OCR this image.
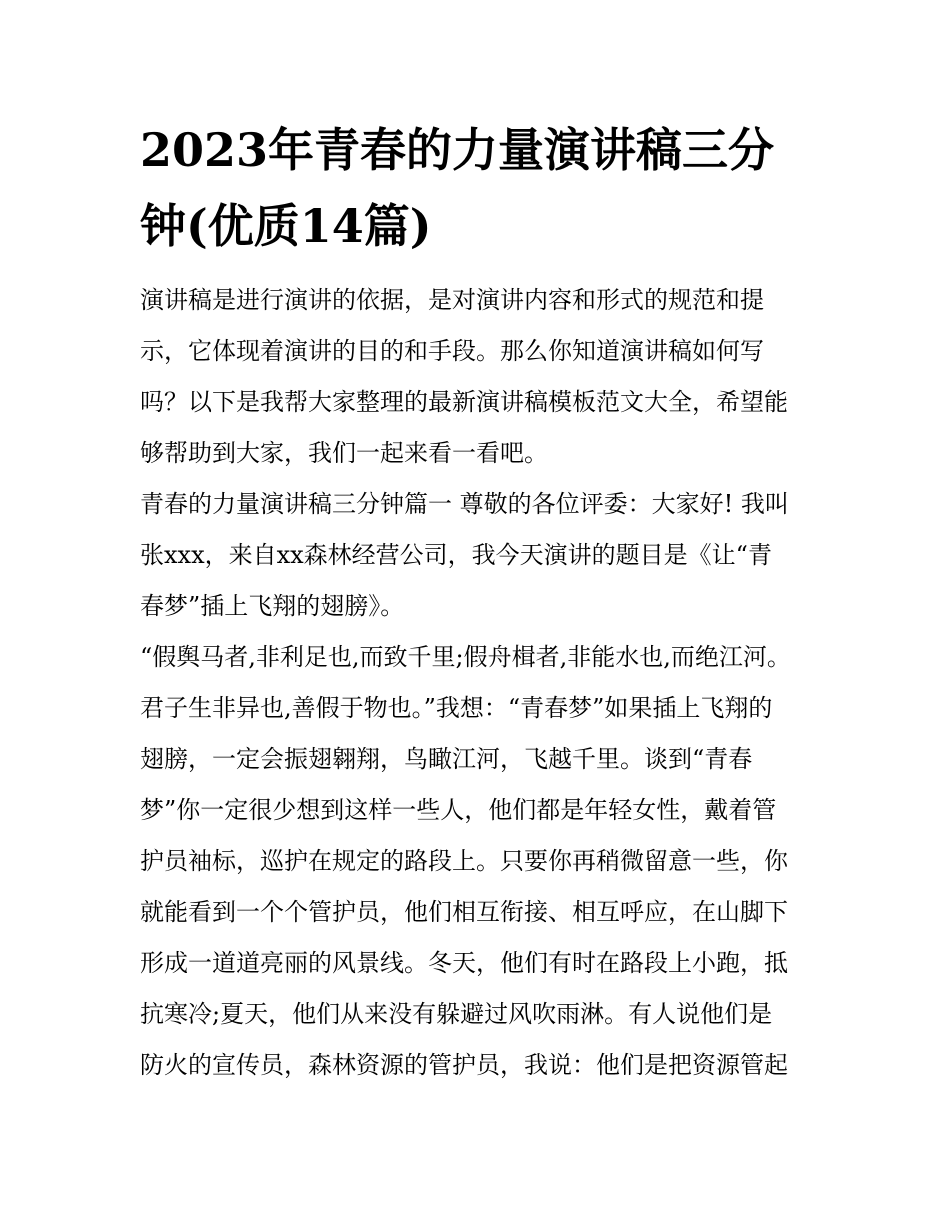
2023年青春的力量演讲稿三分
钟(优质14篇)
演讲稿是进行演讲的依据，是对演讲内容和形式的规范和提
示，它体现着演讲的目的和手段。那么你知道演讲稿如何写
吗？以下是我帮大家整理的最新演讲稿模板范文大全，希望能
够帮助到大家，我们一起来看一看吧。
青春的力量演讲稿三分钟篇一 尊敬的各位评委：大家好! 我叫
张xxx，来自xx森林经营公司，我今天演讲的题目是《让“青
春梦”插上飞翔的翅膀》。
“假舆马者,非利足也,而致千里;假舟楫者,非能水也,而绝江河。
君子生非异也,善假于物也。”我想：“青春梦”如果插上飞翔的
翅膀，一定会振翅翱翔，鸟瞰江河，飞越千里。谈到“青春
梦”你一定很少想到这样一些人，他们都是年轻女性，戴着管
护员袖标，巡护在规定的路段上。只要你再稍微留意一些，你
就能看到一个个管护员，他们相互衔接、相互呼应，在山脚下
形成一道道亮丽的风景线。冬天，他们有时在路段上小跑，抵
抗寒冷;夏天，他们从来没有躲避过风吹雨淋。有人说他们是
防火的宣传员，森林资源的管护员，我说：他们是把资源管起
